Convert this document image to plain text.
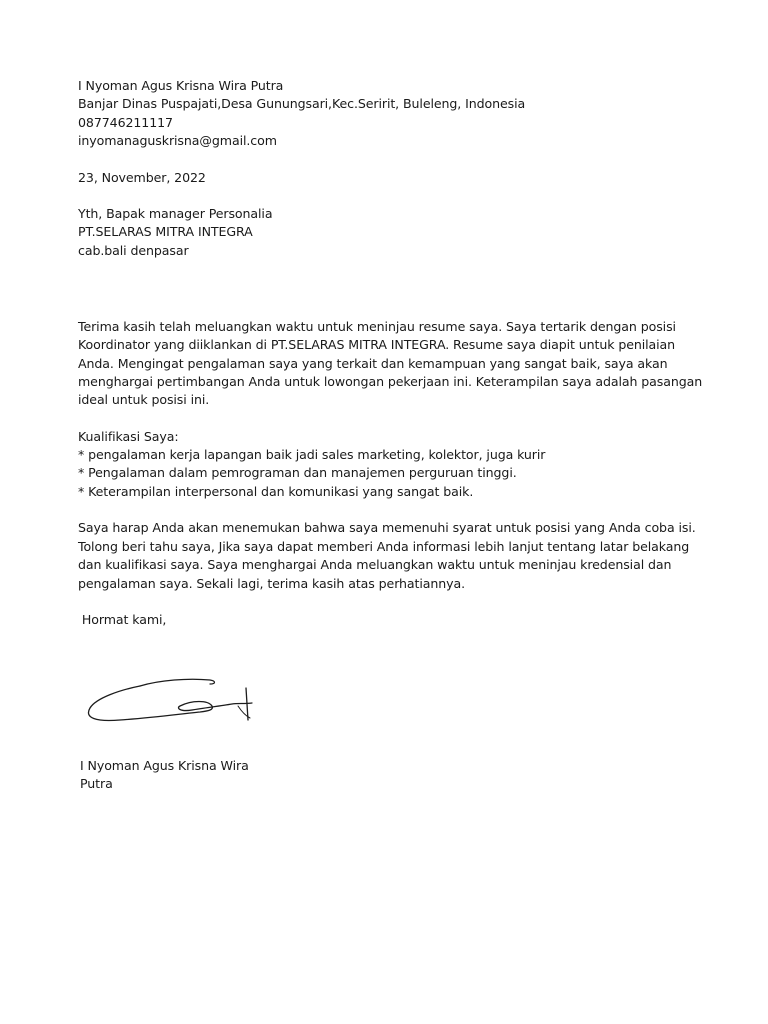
I Nyoman Agus Krisna Wira Putra
Banjar Dinas Puspajati,Desa Gunungsari,Kec.Seririt, Buleleng, Indonesia
087746211117
inyomanaguskrisna@gmail.com
23, November, 2022
Yth, Bapak manager Personalia
PT.SELARAS MITRA INTEGRA
cab.bali denpasar
Terima kasih telah meluangkan waktu untuk meninjau resume saya. Saya tertarik dengan posisi
Koordinator yang diiklankan di PT.SELARAS MITRA INTEGRA. Resume saya diapit untuk penilaian
Anda. Mengingat pengalaman saya yang terkait dan kemampuan yang sangat baik, saya akan
menghargai pertimbangan Anda untuk lowongan pekerjaan ini. Keterampilan saya adalah pasangan
ideal untuk posisi ini.
Kualifikasi Saya:
* pengalaman kerja lapangan baik jadi sales marketing, kolektor, juga kurir
* Pengalaman dalam pemrograman dan manajemen perguruan tinggi.
* Keterampilan interpersonal dan komunikasi yang sangat baik.
Saya harap Anda akan menemukan bahwa saya memenuhi syarat untuk posisi yang Anda coba isi.
Tolong beri tahu saya, Jika saya dapat memberi Anda informasi lebih lanjut tentang latar belakang
dan kualifikasi saya. Saya menghargai Anda meluangkan waktu untuk meninjau kredensial dan
pengalaman saya. Sekali lagi, terima kasih atas perhatiannya.
Hormat kami,
I Nyoman Agus Krisna Wira
Putra
